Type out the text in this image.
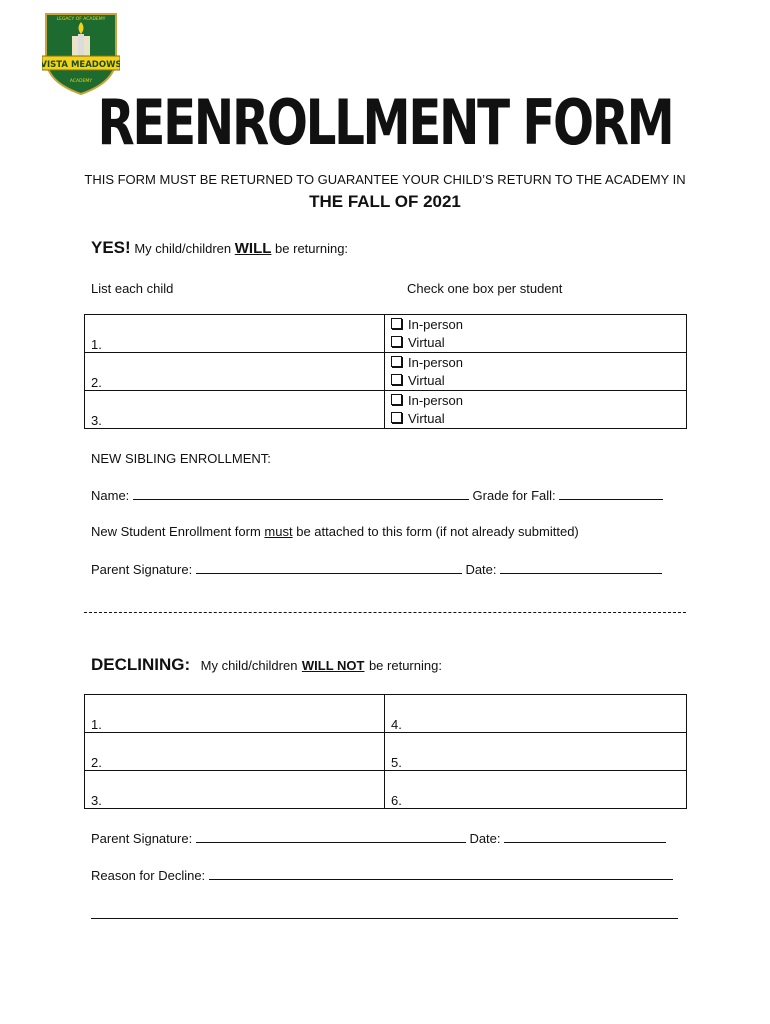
VISTA MEADOWS
LEGACY OF ACADEMY
ACADEMY
REENROLLMENT FORM
THIS FORM MUST BE RETURNED TO GUARANTEE YOUR CHILD’S RETURN TO THE ACADEMY IN
THE FALL OF 2021
YES! My child/children WILL be returning:
List each child	Check one box per student
1.	In-person
Virtual

2.	In-person
Virtual

3.	In-person
Virtual
NEW SIBLING ENROLLMENT:
Name:	Grade for Fall:
New Student Enrollment form must be attached to this form (if not already submitted)
Parent Signature:	Date:
DECLINING: My child/children WILL NOT be returning:
1.	4.
2.	5.
3.	6.
Parent Signature:	Date:
Reason for Decline:
